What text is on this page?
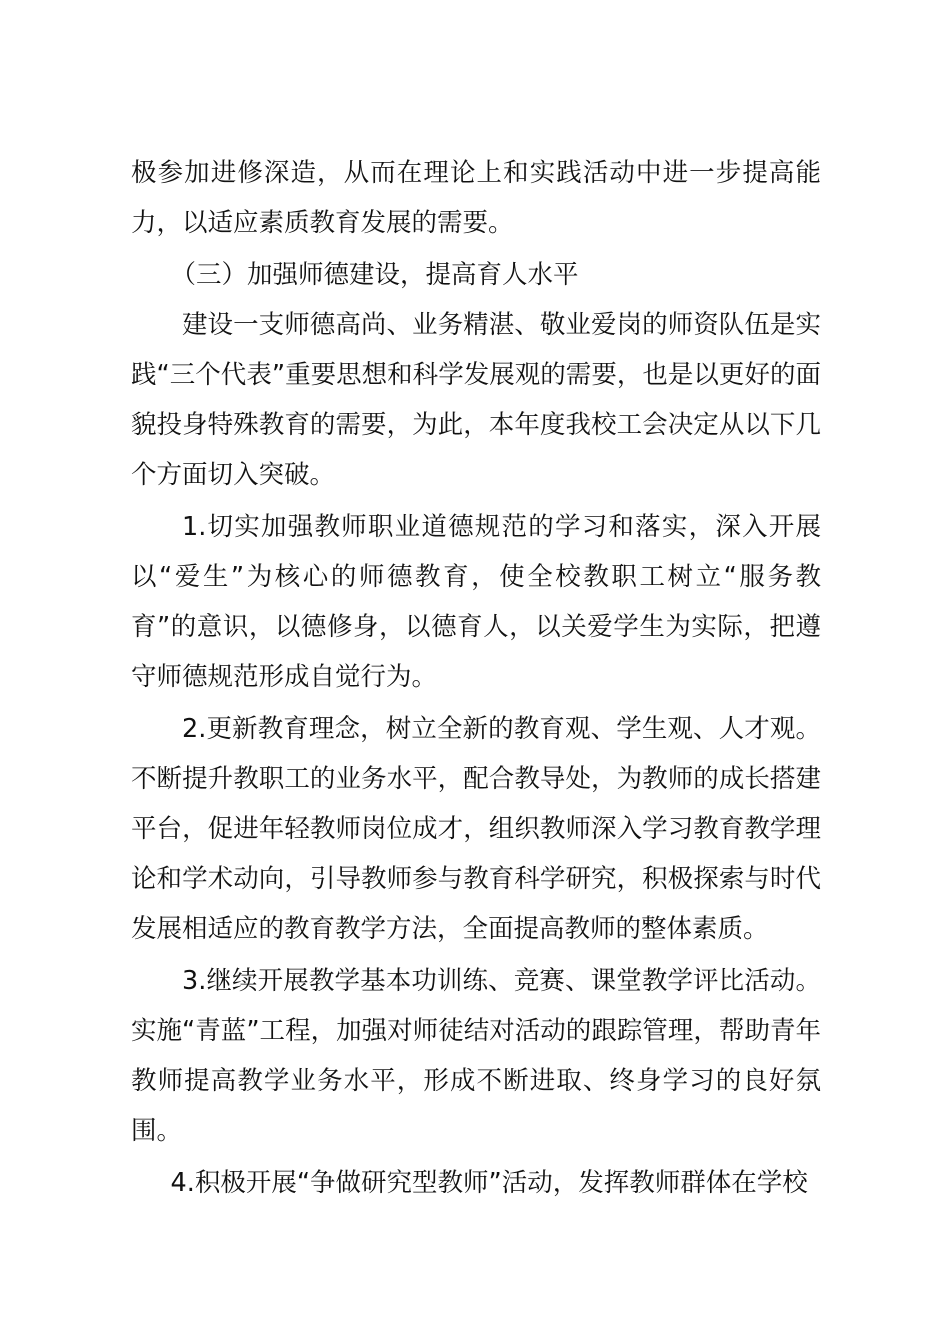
极参加进修深造，从而在理论上和实践活动中进一步提高能力，以适应素质教育发展的需要。

（三）加强师德建设，提高育人水平

建设一支师德高尚、业务精湛、敬业爱岗的师资队伍是实践“三个代表”重要思想和科学发展观的需要，也是以更好的面貌投身特殊教育的需要，为此，本年度我校工会决定从以下几个方面切入突破。

1.切实加强教师职业道德规范的学习和落实，深入开展以“爱生”为核心的师德教育，使全校教职工树立“服务教育”的意识，以德修身，以德育人，以关爱学生为实际，把遵守师德规范形成自觉行为。

2.更新教育理念，树立全新的教育观、学生观、人才观。不断提升教职工的业务水平，配合教导处，为教师的成长搭建平台，促进年轻教师岗位成才，组织教师深入学习教育教学理论和学术动向，引导教师参与教育科学研究，积极探索与时代发展相适应的教育教学方法，全面提高教师的整体素质。

3.继续开展教学基本功训练、竞赛、课堂教学评比活动。实施“青蓝”工程，加强对师徒结对活动的跟踪管理，帮助青年教师提高教学业务水平，形成不断进取、终身学习的良好氛围。

4.积极开展“争做研究型教师”活动，发挥教师群体在学校
